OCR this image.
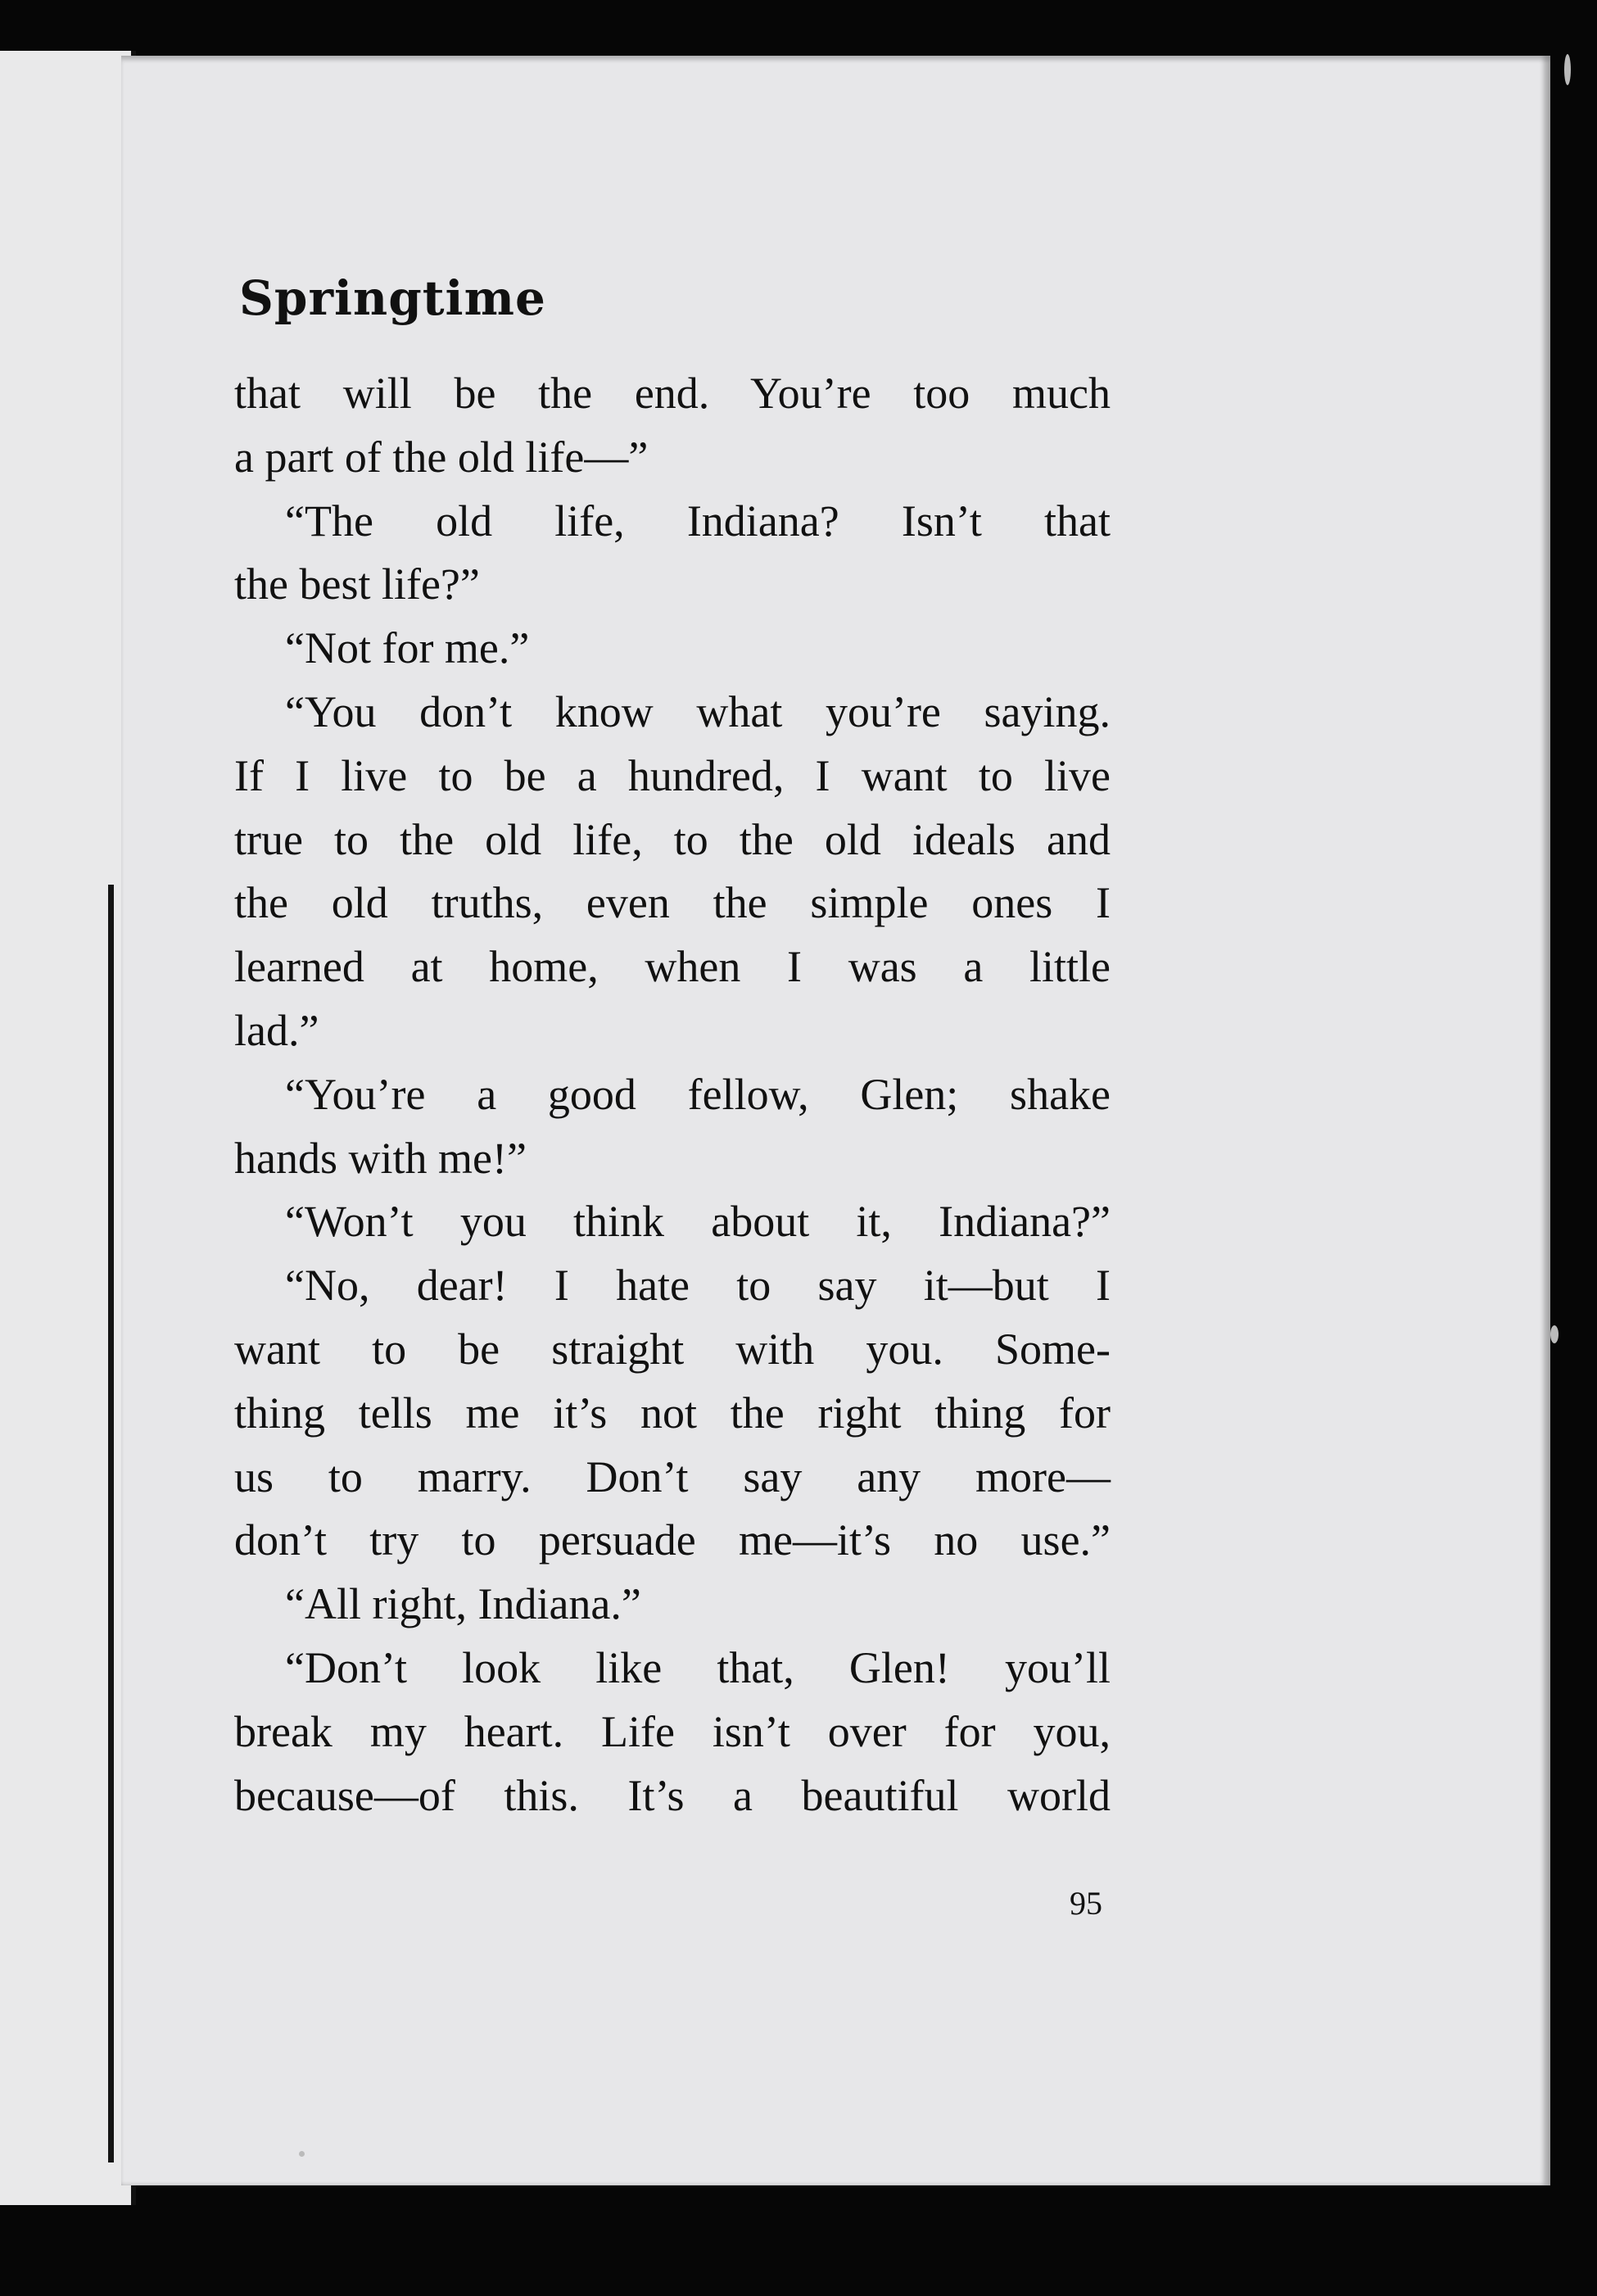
Springtime
that will be the end. You’re too much
a part of the old life—”
“The old life, Indiana? Isn’t that
the best life?”
“Not for me.”
“You don’t know what you’re saying.
If I live to be a hundred, I want to live
true to the old life, to the old ideals and
the old truths, even the simple ones I
learned at home, when I was a little
lad.”
“You’re a good fellow, Glen; shake
hands with me!”
“Won’t you think about it, Indiana?”
“No, dear! I hate to say it—but I
want to be straight with you. Some-
thing tells me it’s not the right thing for
us to marry. Don’t say any more—
don’t try to persuade me—it’s no use.”
“All right, Indiana.”
“Don’t look like that, Glen! you’ll
break my heart. Life isn’t over for you,
because—of this. It’s a beautiful world
95
